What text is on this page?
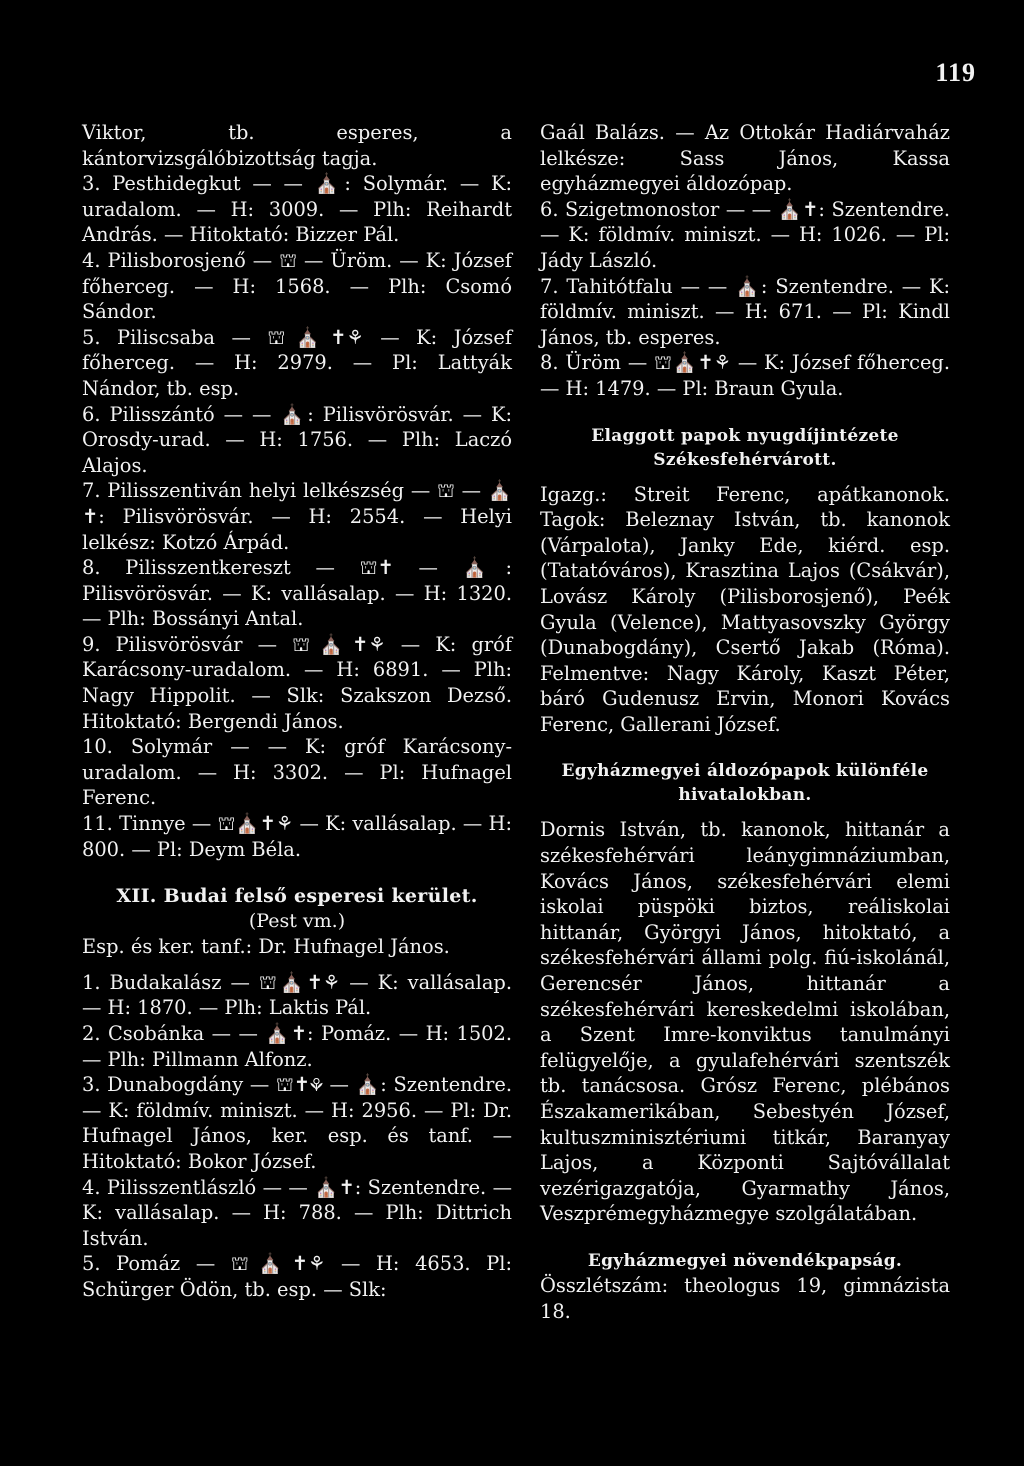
119

Viktor, tb. esperes, a kántorvizsgálóbizottság tagja.

3. Pesthidegkut — — ⛪: Solymár. — K: uradalom. — H: 3009. — Plh: Reihardt András. — Hitoktató: Bizzer Pál.

4. Pilisborosjenő — ⛫ — Üröm. — K: József főherceg. — H: 1568. — Plh: Csomó Sándor.

5. Piliscsaba — ⛫⛪✝⚘ — K: József főherceg. — H: 2979. — Pl: Lattyák Nándor, tb. esp.

6. Pilisszántó — — ⛪: Pilisvörösvár. — K: Orosdy-urad. — H: 1756. — Plh: Laczó Alajos.

7. Pilisszentiván helyi lelkészség — ⛫ — ⛪✝: Pilisvörösvár. — H: 2554. — Helyi lelkész: Kotzó Árpád.

8. Pilisszentkereszt — ⛫✝ — ⛪: Pilisvörösvár. — K: vallásalap. — H: 1320. — Plh: Bossányi Antal.

9. Pilisvörösvár — ⛫⛪✝⚘ — K: gróf Karácsony-uradalom. — H: 6891. — Plh: Nagy Hippolit. — Slk: Szakszon Dezső. Hitoktató: Bergendi János.

10. Solymár — — K: gróf Karácsony-uradalom. — H: 3302. — Pl: Hufnagel Ferenc.

11. Tinnye — ⛫⛪✝⚘ — K: vallásalap. — H: 800. — Pl: Deym Béla.

XII. Budai felső esperesi kerület.
(Pest vm.)

Esp. és ker. tanf.: Dr. Hufnagel János.

1. Budakalász — ⛫⛪✝⚘ — K: vallásalap. — H: 1870. — Plh: Laktis Pál.

2. Csobánka — — ⛪✝: Pomáz. — H: 1502. — Plh: Pillmann Alfonz.

3. Dunabogdány — ⛫✝⚘ — ⛪: Szentendre. — K: földmív. miniszt. — H: 2956. — Pl: Dr. Hufnagel János, ker. esp. és tanf. — Hitoktató: Bokor József.

4. Pilisszentlászló — — ⛪✝: Szentendre. — K: vallásalap. — H: 788. — Plh: Dittrich István.

5. Pomáz — ⛫⛪✝⚘ — H: 4653. Pl: Schürger Ödön, tb. esp. — Slk:

Gaál Balázs. — Az Ottokár Hadiárvaház lelkésze: Sass János, Kassa egyházmegyei áldozópap.

6. Szigetmonostor — — ⛪✝: Szentendre. — K: földmív. miniszt. — H: 1026. — Pl: Jády László.

7. Tahitótfalu — — ⛪: Szentendre. — K: földmív. miniszt. — H: 671. — Pl: Kindl János, tb. esperes.

8. Üröm — ⛫⛪✝⚘ — K: József főherceg. — H: 1479. — Pl: Braun Gyula.

Elaggott papok nyugdíjintézete Székesfehérvárott.

Igazg.: Streit Ferenc, apátkanonok. Tagok: Beleznay István, tb. kanonok (Várpalota), Janky Ede, kiérd. esp. (Tatatóváros), Krasztina Lajos (Csákvár), Lovász Károly (Pilisborosjenő), Peék Gyula (Velence), Mattyasovszky György (Dunabogdány), Csertő Jakab (Róma). Felmentve: Nagy Károly, Kaszt Péter, báró Gudenusz Ervin, Monori Kovács Ferenc, Gallerani József.

Egyházmegyei áldozópapok különféle hivatalokban.

Dornis István, tb. kanonok, hittanár a székesfehérvári leánygimnáziumban, Kovács János, székesfehérvári elemi iskolai püspöki biztos, reáliskolai hittanár, Györgyi János, hitoktató, a székesfehérvári állami polg. fiú-iskolánál, Gerencsér János, hittanár a székesfehérvári kereskedelmi iskolában, a Szent Imre-konviktus tanulmányi felügyelője, a gyulafehérvári szentszék tb. tanácsosa. Grósz Ferenc, plébános Északamerikában, Sebestyén József, kultuszminisztériumi titkár, Baranyay Lajos, a Központi Sajtóvállalat vezérigazgatója, Gyarmathy János, Veszprémegyházmegye szolgálatában.

Egyházmegyei növendékpapság.

Összlétszám: theologus 19, gimnázista 18.
